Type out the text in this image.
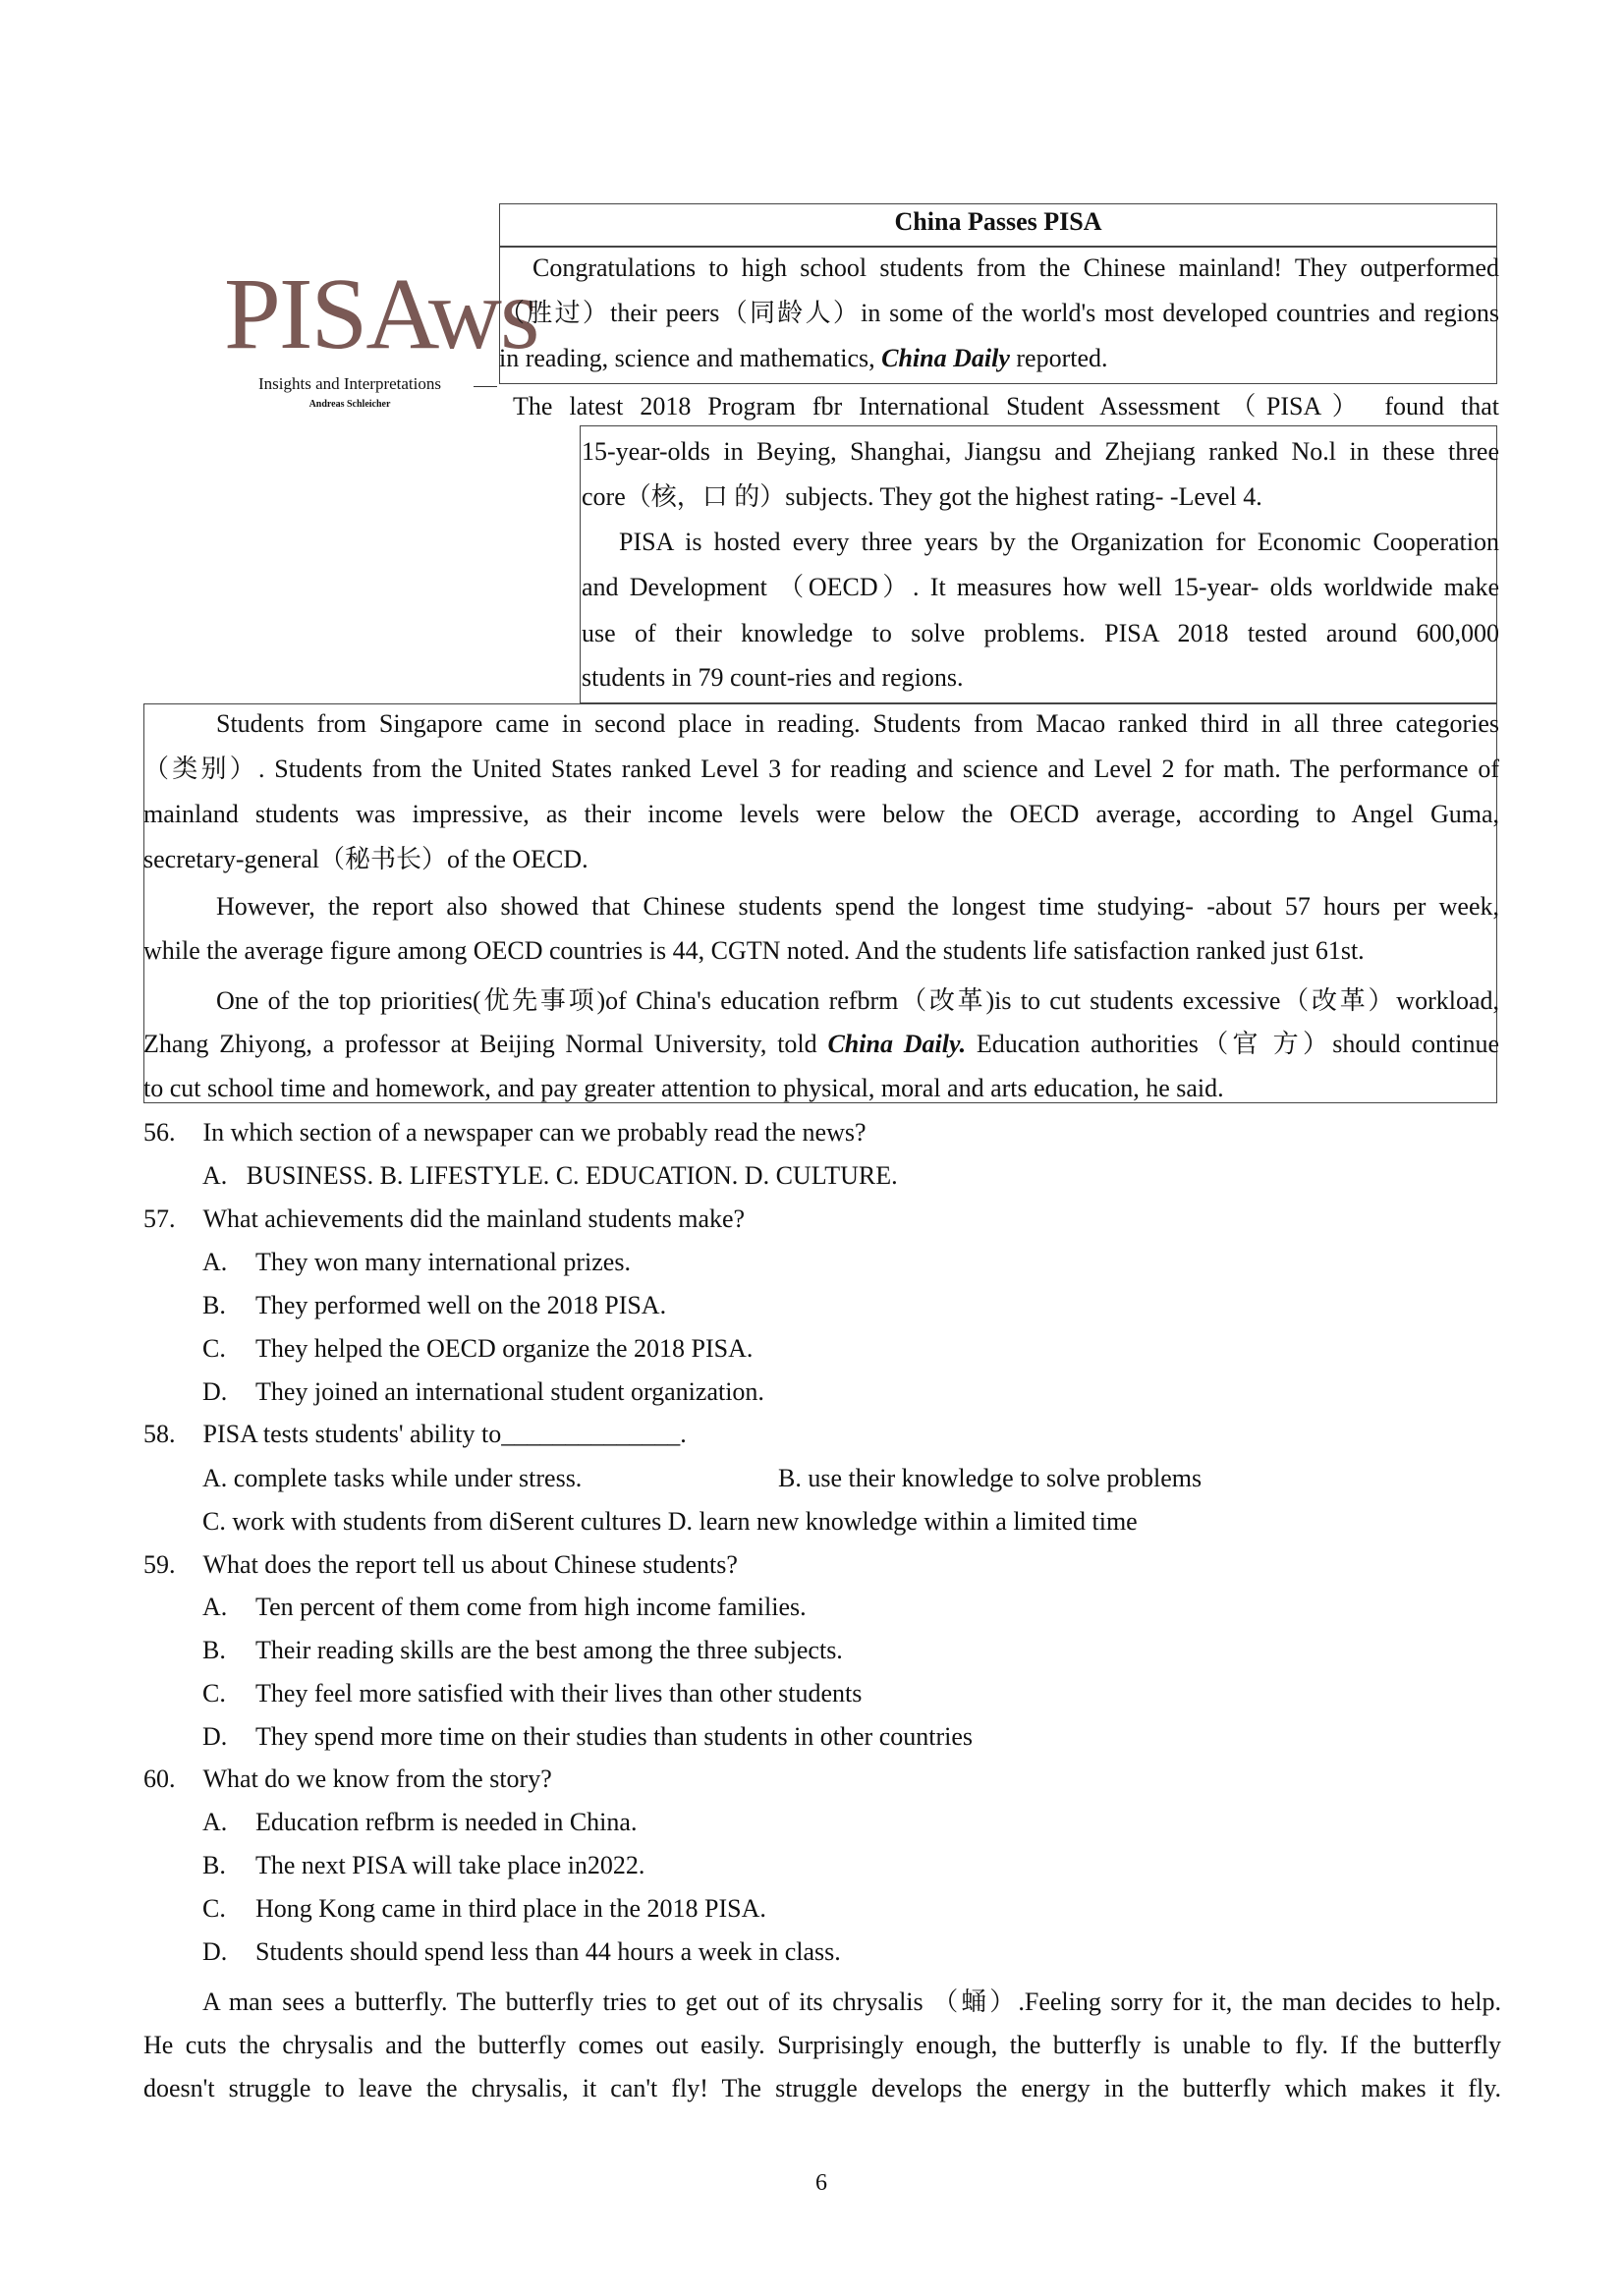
PISAws
Insights and Interpretations
Andreas Schleicher
China Passes PISA
Congratulations to high school students from the Chinese mainland! They outperformed
（胜过）their peers（同龄人）in some of the world's most developed countries and regions
in reading, science and mathematics, China Daily reported.
The latest 2018 Program fbr International Student Assessment（PISA） found that
15-year-olds in Beying, Shanghai, Jiangsu and Zhejiang ranked No.l in these three
core（核，口 的）subjects. They got the highest rating- -Level 4.
PISA is hosted every three years by the Organization for Economic Cooperation
and Development （OECD）. It measures how well 15-year- olds worldwide make
use of their knowledge to solve problems. PISA 2018 tested around 600,000
students in 79 count-ries and regions.
Students from Singapore came in second place in reading. Students from Macao ranked third in all three categories
（类别）. Students from the United States ranked Level 3 for reading and science and Level 2 for math. The performance of
mainland students was impressive, as their income levels were below the OECD average, according to Angel Guma,
secretary-general（秘书长）of the OECD.
However, the report also showed that Chinese students spend the longest time studying- -about 57 hours per week,
while the average figure among OECD countries is 44, CGTN noted. And the students life satisfaction ranked just 61st.
One of the top priorities(优先事项)of China's education refbrm（改革)is to cut students excessive（改革）workload,
Zhang Zhiyong, a professor at Beijing Normal University, told China Daily. Education authorities（官 方）should continue
to cut school time and homework, and pay greater attention to physical, moral and arts education, he said.
56. In which section of a newspaper can we probably read the news?
A.   BUSINESS. B. LIFESTYLE. C. EDUCATION. D. CULTURE.
57. What achievements did the mainland students make?
A. They won many international prizes.
B. They performed well on the 2018 PISA.
C. They helped the OECD organize the 2018 PISA.
D. They joined an international student organization.
58. PISA tests students' ability to______________.
A. complete tasks while under stress.	B. use their knowledge to solve problems
C. work with students from diSerent cultures D. learn new knowledge within a limited time
59. What does the report tell us about Chinese students?
A. Ten percent of them come from high income families.
B. Their reading skills are the best among the three subjects.
C. They feel more satisfied with their lives than other students
D. They spend more time on their studies than students in other countries
60. What do we know from the story?
A. Education refbrm is needed in China.
B. The next PISA will take place in2022.
C. Hong Kong came in third place in the 2018 PISA.
D. Students should spend less than 44 hours a week in class.
A man sees a butterfly. The butterfly tries to get out of its chrysalis （蛹）.Feeling sorry for it, the man decides to help.
He cuts the chrysalis and the butterfly comes out easily. Surprisingly enough, the butterfly is unable to fly. If the butterfly
doesn't struggle to leave the chrysalis, it can't fly! The struggle develops the energy in the butterfly which makes it fly.
6
